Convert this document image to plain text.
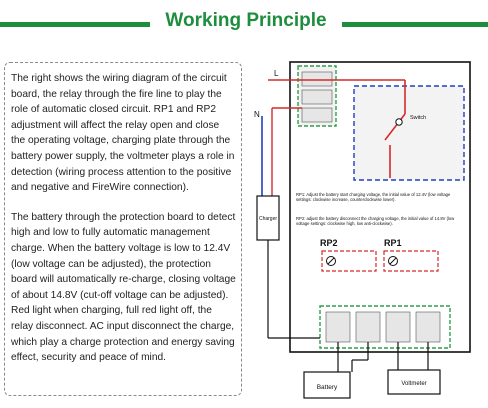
Working Principle

The right shows the wiring diagram of the circuit board, the relay through the fire line to play the role of automatic closed circuit. RP1 and RP2 adjustment will affect the relay open and close the operating voltage, charging plate through the battery power supply, the voltmeter plays a role in detection (wiring process attention to the positive and negative and FireWire connection).

The battery through the protection board to detect high and low to fully automatic management charge. When the battery voltage is low to 12.4V (low voltage can be adjusted), the protection board will automatically re-charge, closing voltage of about 14.8V (cut-off voltage can be adjusted). Red light when charging, full red light off, the relay disconnect. AC input disconnect the charge, which play a charge protection and energy saving effect, security and peace of mind.

L
Switch
N
Charger
RP1: Adjust the battery start charging voltage, the initial value of 12.4V (low voltage settings: clockwise increase, counterclockwise lower).
RP2: adjust the battery disconnect the charging voltage, the initial value of 14.8V (low voltage settings: clockwise high, low anti-clockwise).
RP2	RP1
Battery	Voltmeter
